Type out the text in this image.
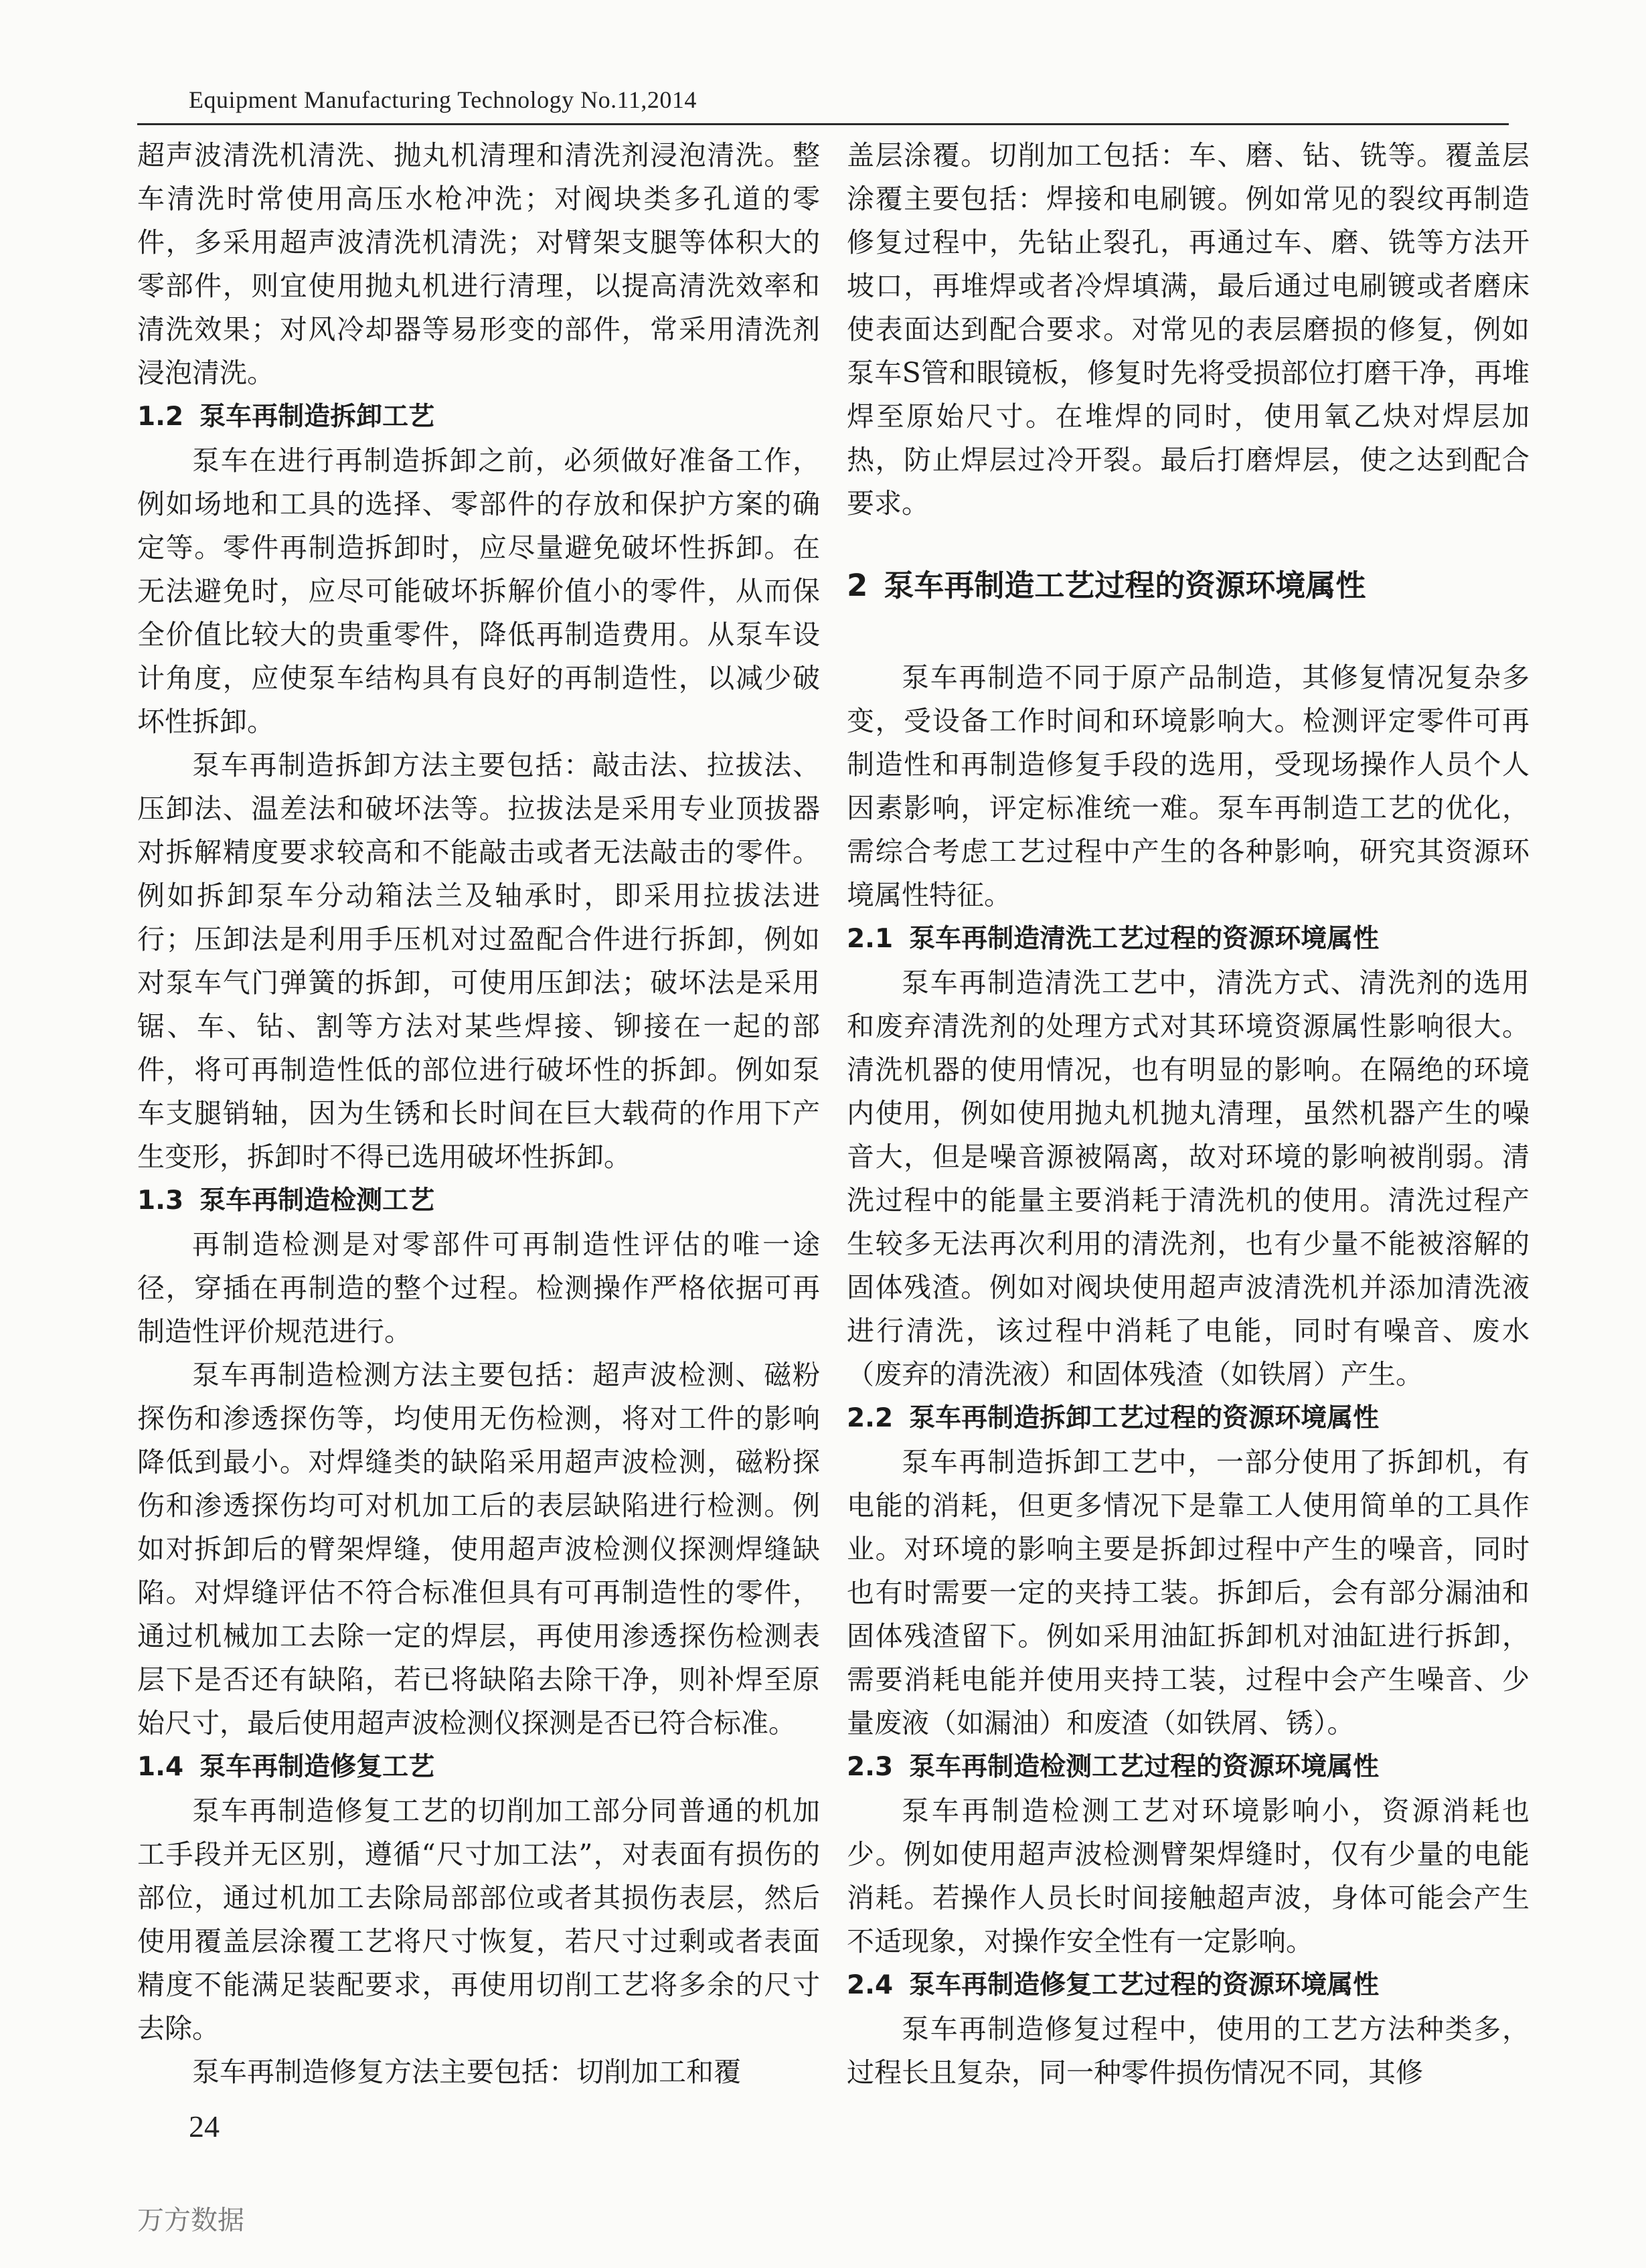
Equipment Manufacturing Technology No.11,2014

超声波清洗机清洗、抛丸机清理和清洗剂浸泡清洗。整车清洗时常使用高压水枪冲洗；对阀块类多孔道的零件，多采用超声波清洗机清洗；对臂架支腿等体积大的零部件，则宜使用抛丸机进行清理，以提高清洗效率和清洗效果；对风冷却器等易形变的部件，常采用清洗剂浸泡清洗。

1.2 泵车再制造拆卸工艺

泵车在进行再制造拆卸之前，必须做好准备工作，例如场地和工具的选择、零部件的存放和保护方案的确定等。零件再制造拆卸时，应尽量避免破坏性拆卸。在无法避免时，应尽可能破坏拆解价值小的零件，从而保全价值比较大的贵重零件，降低再制造费用。从泵车设计角度，应使泵车结构具有良好的再制造性，以减少破坏性拆卸。

泵车再制造拆卸方法主要包括：敲击法、拉拔法、压卸法、温差法和破坏法等。拉拔法是采用专业顶拔器对拆解精度要求较高和不能敲击或者无法敲击的零件。例如拆卸泵车分动箱法兰及轴承时，即采用拉拔法进行；压卸法是利用手压机对过盈配合件进行拆卸，例如对泵车气门弹簧的拆卸，可使用压卸法；破坏法是采用锯、车、钻、割等方法对某些焊接、铆接在一起的部件，将可再制造性低的部位进行破坏性的拆卸。例如泵车支腿销轴，因为生锈和长时间在巨大载荷的作用下产生变形，拆卸时不得已选用破坏性拆卸。

1.3 泵车再制造检测工艺

再制造检测是对零部件可再制造性评估的唯一途径，穿插在再制造的整个过程。检测操作严格依据可再制造性评价规范进行。

泵车再制造检测方法主要包括：超声波检测、磁粉探伤和渗透探伤等，均使用无伤检测，将对工件的影响降低到最小。对焊缝类的缺陷采用超声波检测，磁粉探伤和渗透探伤均可对机加工后的表层缺陷进行检测。例如对拆卸后的臂架焊缝，使用超声波检测仪探测焊缝缺陷。对焊缝评估不符合标准但具有可再制造性的零件，通过机械加工去除一定的焊层，再使用渗透探伤检测表层下是否还有缺陷，若已将缺陷去除干净，则补焊至原始尺寸，最后使用超声波检测仪探测是否已符合标准。

1.4 泵车再制造修复工艺

泵车再制造修复工艺的切削加工部分同普通的机加工手段并无区别，遵循“尺寸加工法”，对表面有损伤的部位，通过机加工去除局部部位或者其损伤表层，然后使用覆盖层涂覆工艺将尺寸恢复，若尺寸过剩或者表面精度不能满足装配要求，再使用切削工艺将多余的尺寸去除。

泵车再制造修复方法主要包括：切削加工和覆

盖层涂覆。切削加工包括：车、磨、钻、铣等。覆盖层涂覆主要包括：焊接和电刷镀。例如常见的裂纹再制造修复过程中，先钻止裂孔，再通过车、磨、铣等方法开坡口，再堆焊或者冷焊填满，最后通过电刷镀或者磨床使表面达到配合要求。对常见的表层磨损的修复，例如泵车S管和眼镜板，修复时先将受损部位打磨干净，再堆焊至原始尺寸。在堆焊的同时，使用氧乙炔对焊层加热，防止焊层过冷开裂。最后打磨焊层，使之达到配合要求。

2 泵车再制造工艺过程的资源环境属性

泵车再制造不同于原产品制造，其修复情况复杂多变，受设备工作时间和环境影响大。检测评定零件可再制造性和再制造修复手段的选用，受现场操作人员个人因素影响，评定标准统一难。泵车再制造工艺的优化，需综合考虑工艺过程中产生的各种影响，研究其资源环境属性特征。

2.1 泵车再制造清洗工艺过程的资源环境属性

泵车再制造清洗工艺中，清洗方式、清洗剂的选用和废弃清洗剂的处理方式对其环境资源属性影响很大。清洗机器的使用情况，也有明显的影响。在隔绝的环境内使用，例如使用抛丸机抛丸清理，虽然机器产生的噪音大，但是噪音源被隔离，故对环境的影响被削弱。清洗过程中的能量主要消耗于清洗机的使用。清洗过程产生较多无法再次利用的清洗剂，也有少量不能被溶解的固体残渣。例如对阀块使用超声波清洗机并添加清洗液进行清洗，该过程中消耗了电能，同时有噪音、废水（废弃的清洗液）和固体残渣（如铁屑）产生。

2.2 泵车再制造拆卸工艺过程的资源环境属性

泵车再制造拆卸工艺中，一部分使用了拆卸机，有电能的消耗，但更多情况下是靠工人使用简单的工具作业。对环境的影响主要是拆卸过程中产生的噪音，同时也有时需要一定的夹持工装。拆卸后，会有部分漏油和固体残渣留下。例如采用油缸拆卸机对油缸进行拆卸，需要消耗电能并使用夹持工装，过程中会产生噪音、少量废液（如漏油）和废渣（如铁屑、锈）。

2.3 泵车再制造检测工艺过程的资源环境属性

泵车再制造检测工艺对环境影响小，资源消耗也少。例如使用超声波检测臂架焊缝时，仅有少量的电能消耗。若操作人员长时间接触超声波，身体可能会产生不适现象，对操作安全性有一定影响。

2.4 泵车再制造修复工艺过程的资源环境属性

泵车再制造修复过程中，使用的工艺方法种类多，过程长且复杂，同一种零件损伤情况不同，其修

24
万方数据
